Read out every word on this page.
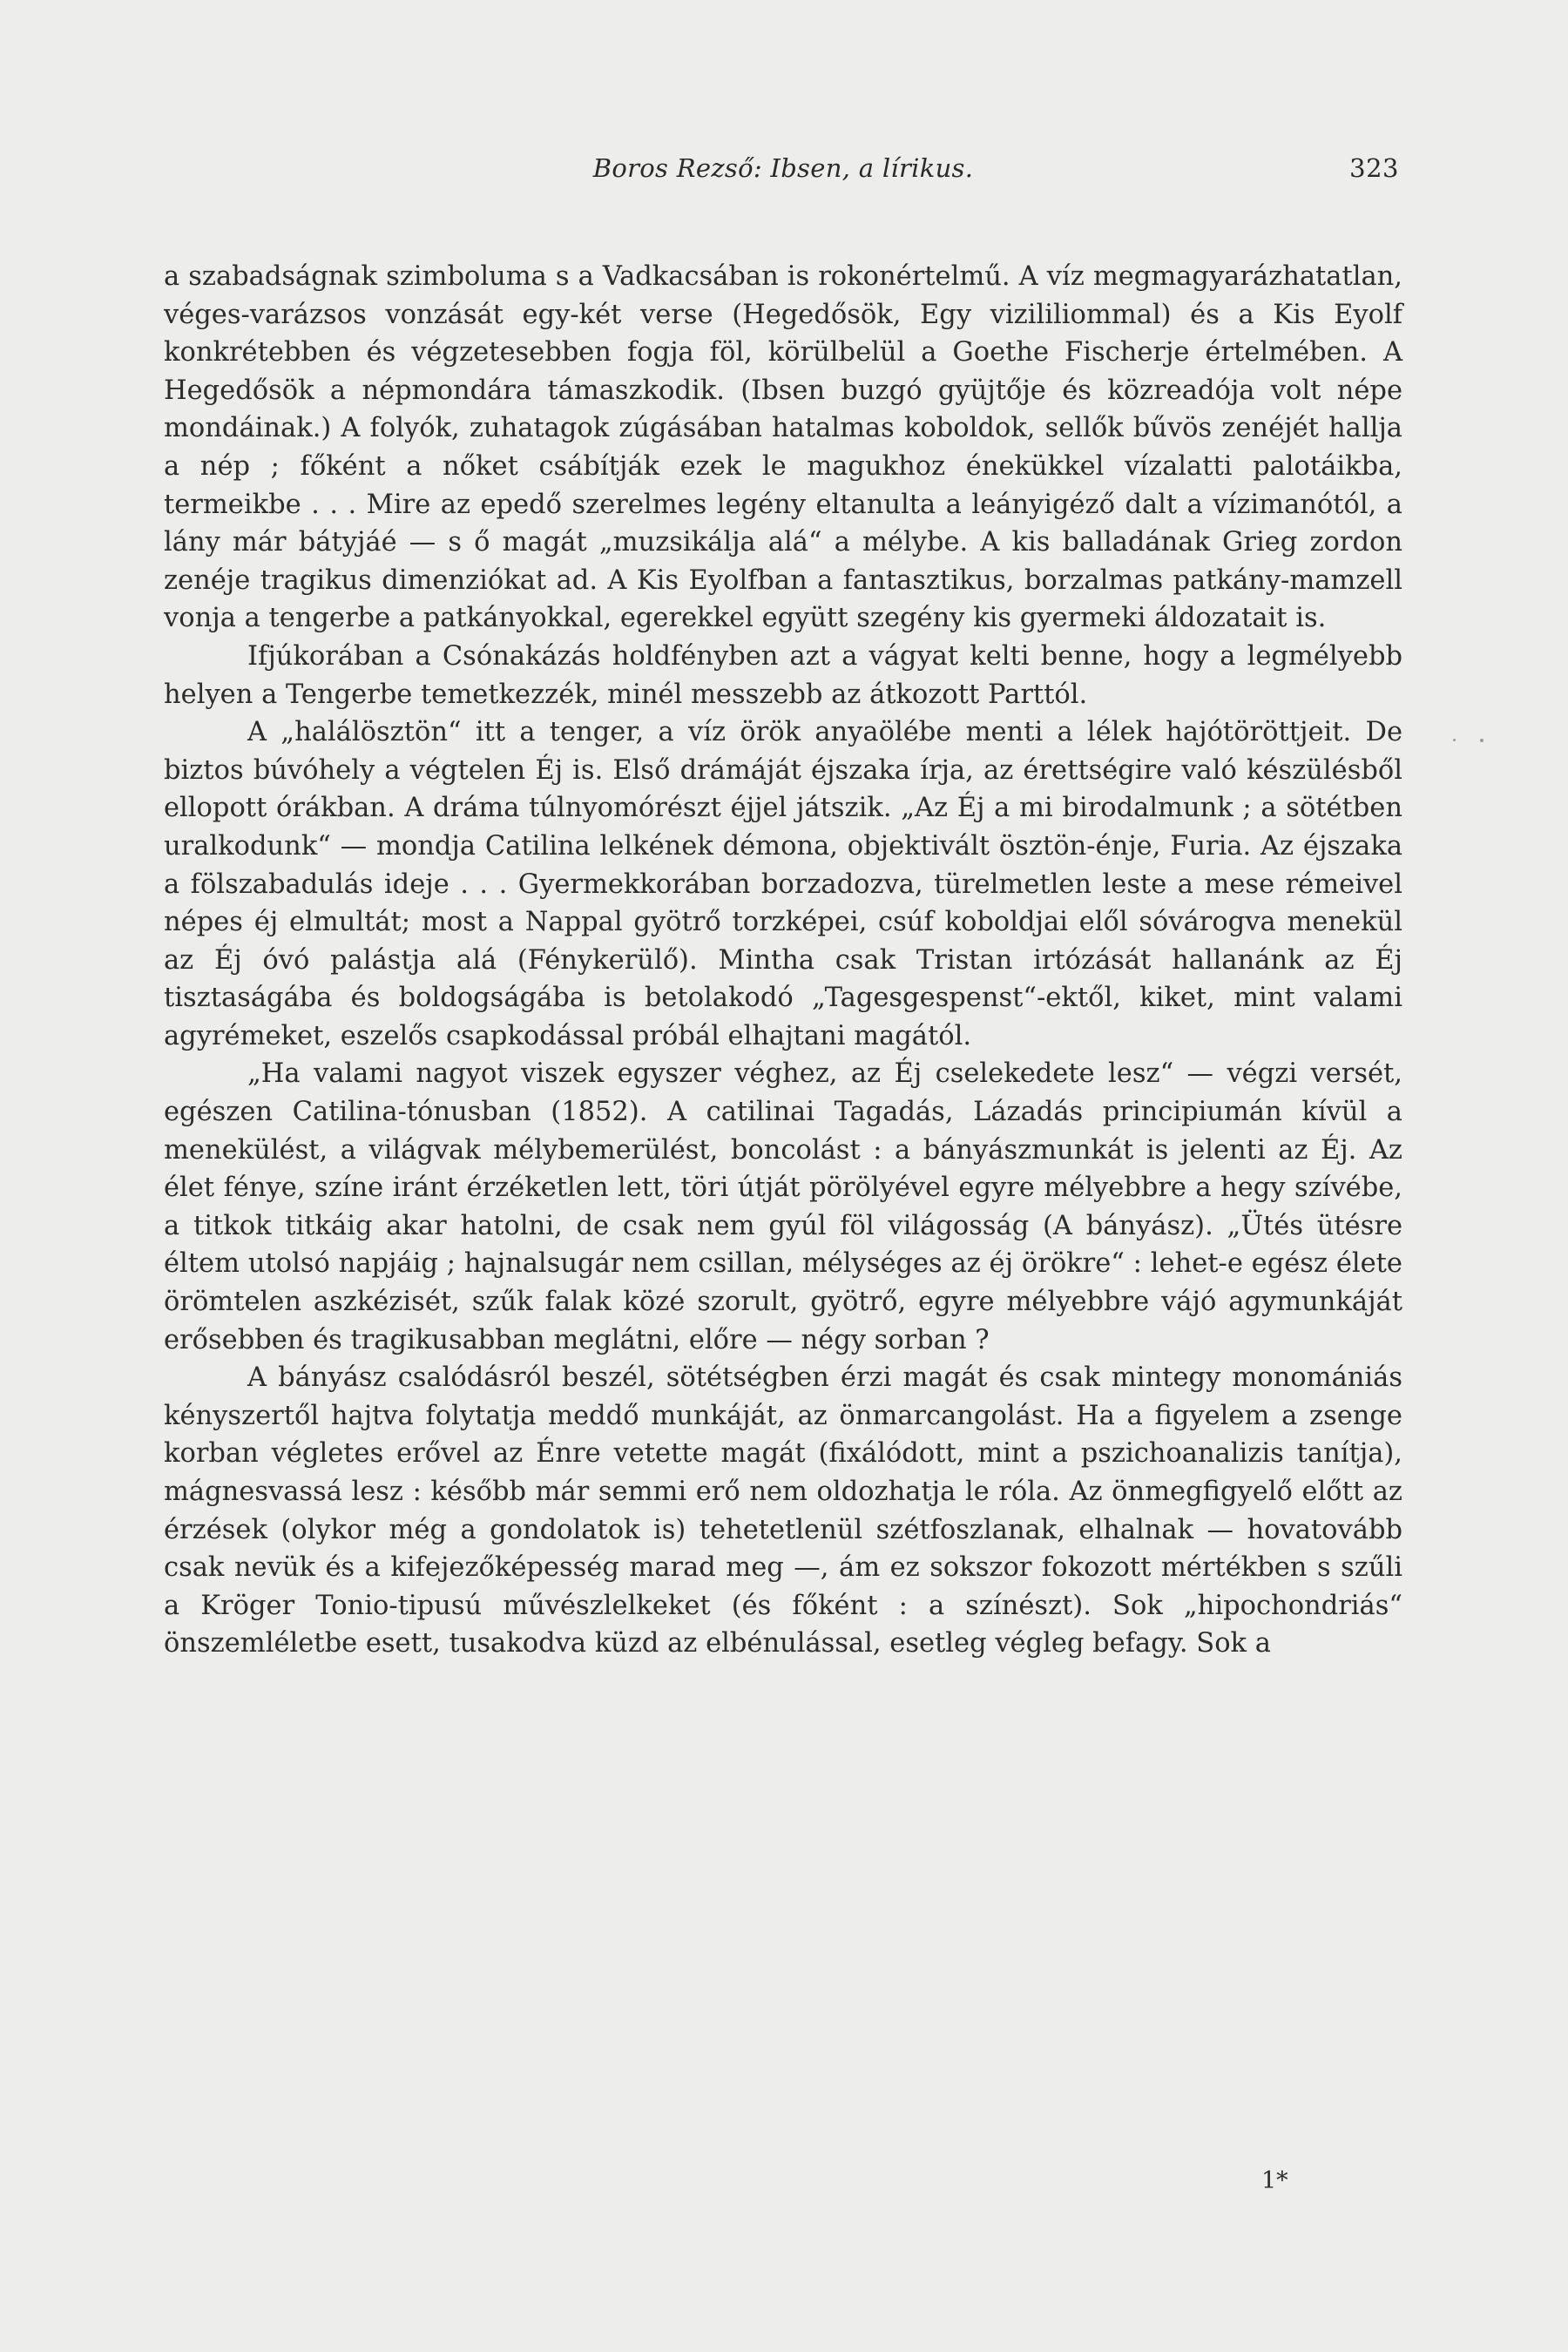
Boros Rezső: Ibsen, a lírikus.	323

a szabadságnak szimboluma s a Vadkacsában is rokonértelmű. A víz megmagyarázhatatlan, véges-varázsos vonzását egy-két verse (Hegedősök, Egy vizililiommal) és a Kis Eyolf konkrétebben és végzetesebben fogja föl, körülbelül a Goethe Fischerje értelmében. A Hegedősök a népmondára támaszkodik. (Ibsen buzgó gyüjtője és közreadója volt népe mondáinak.) A folyók, zuhatagok zúgásában hatalmas koboldok, sellők bűvös zenéjét hallja a nép ; főként a nőket csábítják ezek le magukhoz énekükkel vízalatti palotáikba, termeikbe . . . Mire az epedő szerelmes legény eltanulta a leányigéző dalt a vízimanótól, a lány már bátyjáé — s ő magát „muzsikálja alá“ a mélybe. A kis balladának Grieg zordon zenéje tragikus dimenziókat ad. A Kis Eyolfban a fantasztikus, borzalmas patkány-mamzell vonja a tengerbe a patkányokkal, egerekkel együtt szegény kis gyermeki áldozatait is.

Ifjúkorában a Csónakázás holdfényben azt a vágyat kelti benne, hogy a legmélyebb helyen a Tengerbe temetkezzék, minél messzebb az átkozott Parttól.

A „halálösztön“ itt a tenger, a víz örök anyaölébe menti a lélek hajótöröttjeit. De biztos búvóhely a végtelen Éj is. Első drámáját éjszaka írja, az érettségire való készülésből ellopott órákban. A dráma túlnyomórészt éjjel játszik. „Az Éj a mi birodalmunk ; a sötétben uralkodunk“ — mondja Catilina lelkének démona, objektivált ösztön-énje, Furia. Az éjszaka a fölszabadulás ideje . . . Gyermekkorában borzadozva, türelmetlen leste a mese rémeivel népes éj elmultát; most a Nappal gyötrő torzképei, csúf koboldjai elől sóvárogva menekül az Éj óvó palástja alá (Fénykerülő). Mintha csak Tristan irtózását hallanánk az Éj tisztaságába és boldogságába is betolakodó „Tagesgespenst“-ektől, kiket, mint valami agyrémeket, eszelős csapkodással próbál elhajtani magától.

„Ha valami nagyot viszek egyszer véghez, az Éj cselekedete lesz“ — végzi versét, egészen Catilina-tónusban (1852). A catilinai Tagadás, Lázadás principiumán kívül a menekülést, a világvak mélybemerülést, boncolást : a bányászmunkát is jelenti az Éj. Az élet fénye, színe iránt érzéketlen lett, töri útját pörölyével egyre mélyebbre a hegy szívébe, a titkok titkáig akar hatolni, de csak nem gyúl föl világosság (A bányász). „Ütés ütésre éltem utolsó napjáig ; hajnalsugár nem csillan, mélységes az éj örökre“ : lehet-e egész élete örömtelen aszkézisét, szűk falak közé szorult, gyötrő, egyre mélyebbre vájó agymunkáját erősebben és tragikusabban meglátni, előre — négy sorban ?

A bányász csalódásról beszél, sötétségben érzi magát és csak mintegy monomániás kényszertől hajtva folytatja meddő munkáját, az önmarcangolást. Ha a figyelem a zsenge korban végletes erővel az Énre vetette magát (fixálódott, mint a pszichoanalizis tanítja), mágnesvassá lesz : később már semmi erő nem oldozhatja le róla. Az önmegfigyelő előtt az érzések (olykor még a gondolatok is) tehetetlenül szétfoszlanak, elhalnak — hovatovább csak nevük és a kifejezőképesség marad meg —, ám ez sokszor fokozott mértékben s szűli a Kröger Tonio-tipusú művészlelkeket (és főként : a színészt). Sok „hipochondriás“ önszemléletbe esett, tusakodva küzd az elbénulással, esetleg végleg befagy. Sok a

1*
